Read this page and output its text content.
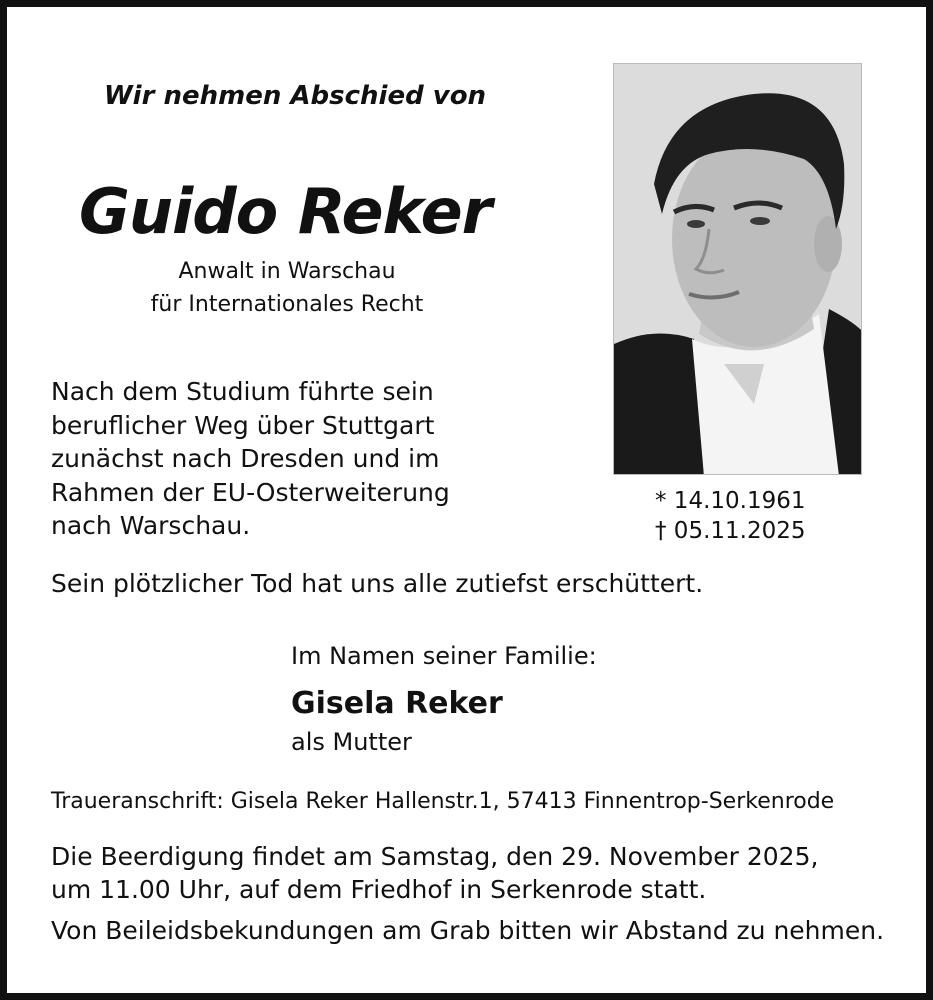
Wir nehmen Abschied von
Guido Reker
Anwalt in Warschau
für Internationales Recht
Nach dem Studium führte sein
beruflicher Weg über Stuttgart
zunächst nach Dresden und im
Rahmen der EU-Osterweiterung
nach Warschau.
* 14.10.1961
† 05.11.2025
Sein plötzlicher Tod hat uns alle zutiefst erschüttert.
Im Namen seiner Familie:
Gisela Reker
als Mutter
Traueranschrift: Gisela Reker Hallenstr.1, 57413 Finnentrop-Serkenrode
Die Beerdigung findet am Samstag, den 29. November 2025,
um 11.00 Uhr, auf dem Friedhof in Serkenrode statt.
Von Beileidsbekundungen am Grab bitten wir Abstand zu nehmen.
